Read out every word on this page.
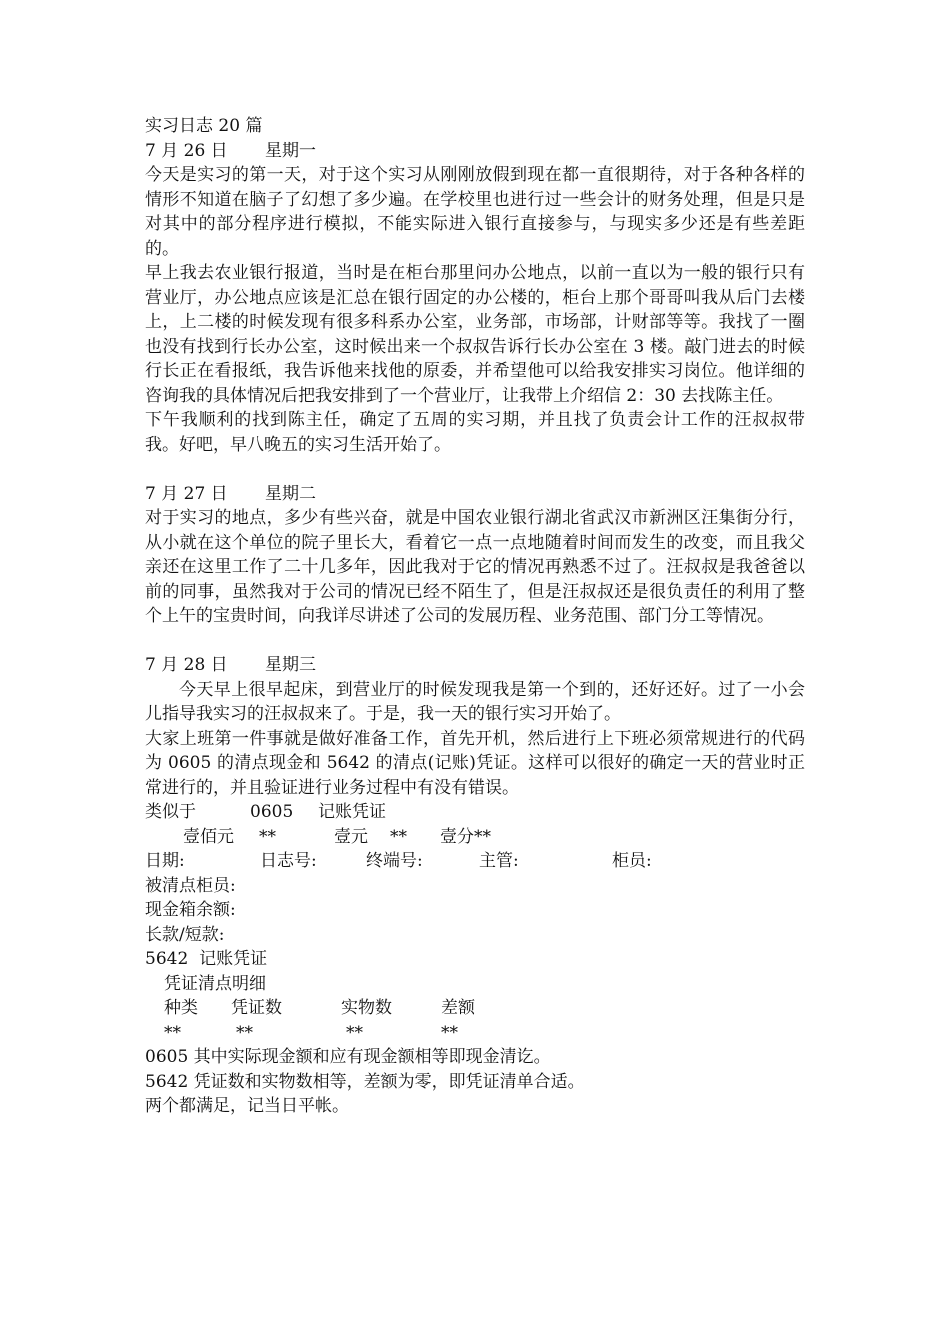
实习日志 20 篇

7 月 26 日 星期一

今天是实习的第一天，对于这个实习从刚刚放假到现在都一直很期待，对于各种各样的情形不知道在脑子了幻想了多少遍。在学校里也进行过一些会计的财务处理，但是只是对其中的部分程序进行模拟，不能实际进入银行直接参与，与现实多少还是有些差距的。

早上我去农业银行报道，当时是在柜台那里问办公地点，以前一直以为一般的银行只有营业厅，办公地点应该是汇总在银行固定的办公楼的，柜台上那个哥哥叫我从后门去楼上，上二楼的时候发现有很多科系办公室，业务部，市场部，计财部等等。我找了一圈也没有找到行长办公室，这时候出来一个叔叔告诉行长办公室在 3 楼。敲门进去的时候行长正在看报纸，我告诉他来找他的原委，并希望他可以给我安排实习岗位。他详细的咨询我的具体情况后把我安排到了一个营业厅，让我带上介绍信 2：30 去找陈主任。

下午我顺利的找到陈主任，确定了五周的实习期，并且找了负责会计工作的汪叔叔带我。好吧，早八晚五的实习生活开始了。

7 月 27 日 星期二

对于实习的地点，多少有些兴奋，就是中国农业银行湖北省武汉市新洲区汪集街分行，从小就在这个单位的院子里长大，看着它一点一点地随着时间而发生的改变，而且我父亲还在这里工作了二十几多年，因此我对于它的情况再熟悉不过了。汪叔叔是我爸爸以前的同事，虽然我对于公司的情况已经不陌生了，但是汪叔叔还是很负责任的利用了整个上午的宝贵时间，向我详尽讲述了公司的发展历程、业务范围、部门分工等情况。

7 月 28 日 星期三

今天早上很早起床，到营业厅的时候发现我是第一个到的，还好还好。过了一小会儿指导我实习的汪叔叔来了。于是，我一天的银行实习开始了。

大家上班第一件事就是做好准备工作，首先开机，然后进行上下班必须常规进行的代码为 0605 的清点现金和 5642 的清点(记账)凭证。这样可以很好的确定一天的营业时正常进行的，并且验证进行业务过程中有没有错误。

类似于	0605 记账凭证
壹佰元 **	壹元 ** 壹分**
日期:	日志号:	终端号:	主管:	柜员:

被清点柜员:

现金箱余额:

长款/短款:

5642  记账凭证

凭证清点明细

种类 凭证数	实物数	差额
**	**	**	**

0605 其中实际现金额和应有现金额相等即现金清讫。

5642 凭证数和实物数相等，差额为零，即凭证清单合适。

两个都满足，记当日平帐。
